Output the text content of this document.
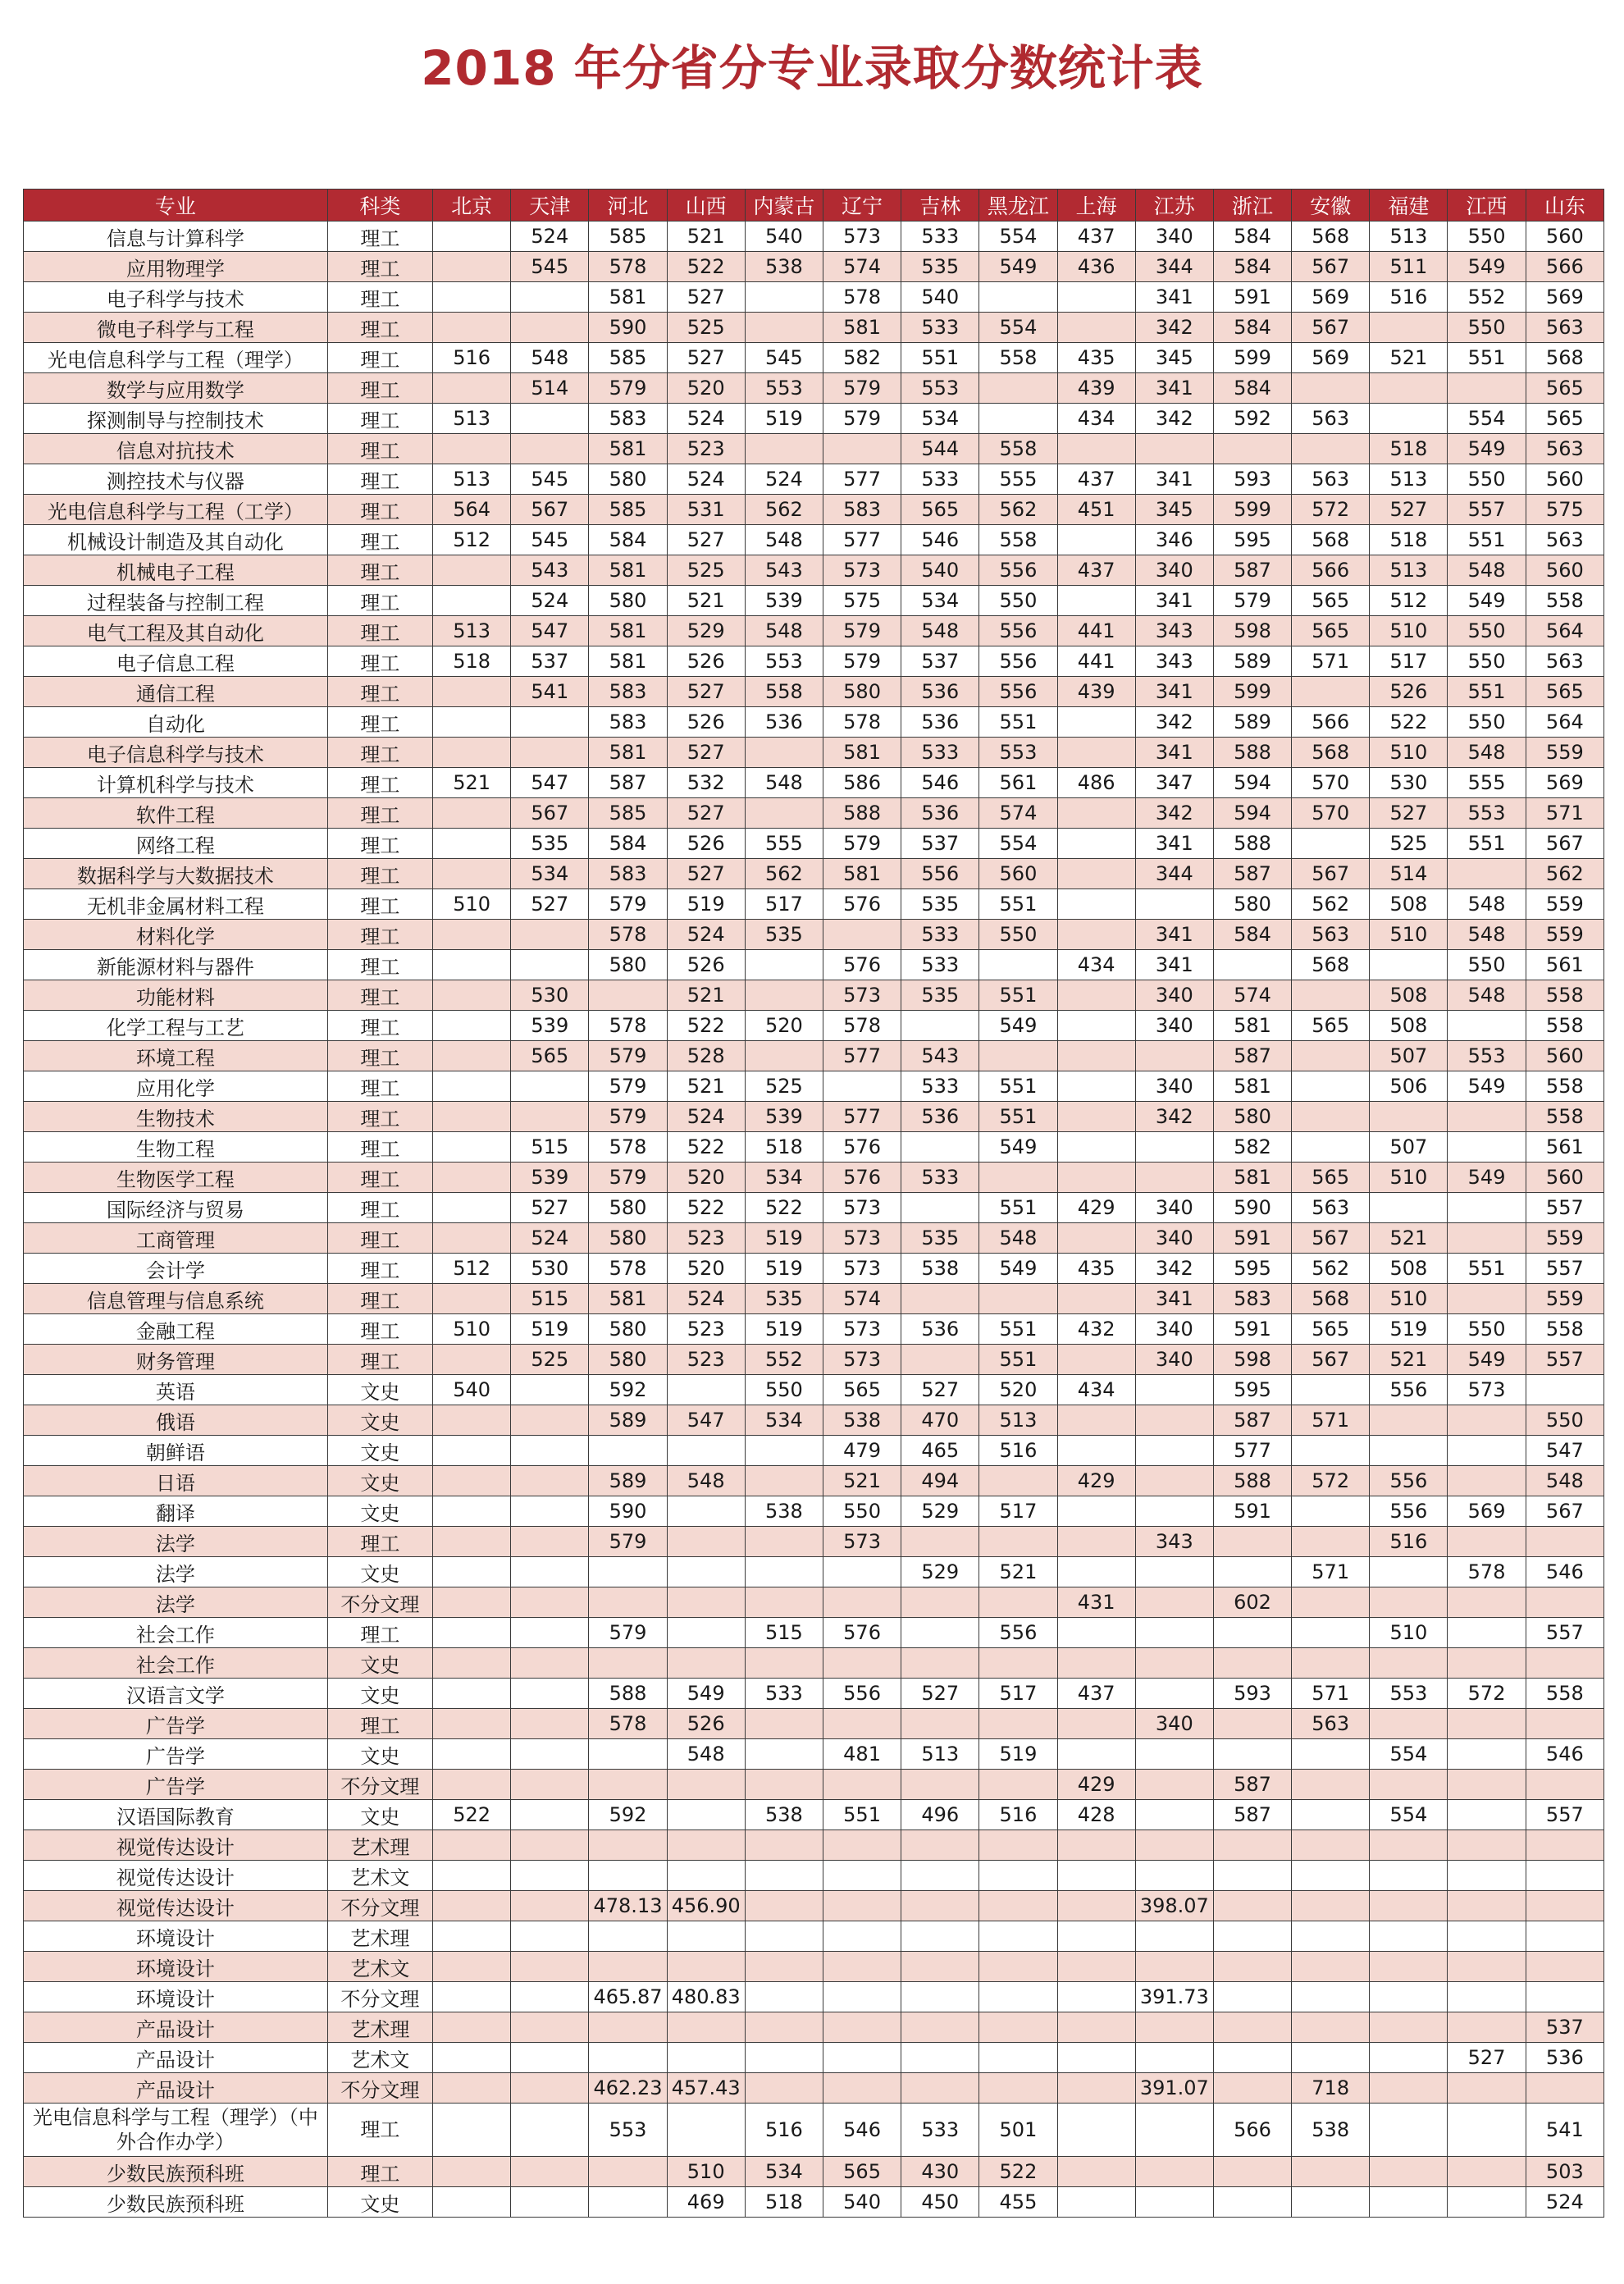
2018 年分省分专业录取分数统计表
专业	科类	北京	天津	河北	山西	内蒙古	辽宁	吉林	黑龙江	上海	江苏	浙江	安徽	福建	江西	山东
信息与计算科学	理工		524	585	521	540	573	533	554	437	340	584	568	513	550	560
应用物理学	理工		545	578	522	538	574	535	549	436	344	584	567	511	549	566
电子科学与技术	理工			581	527		578	540			341	591	569	516	552	569
微电子科学与工程	理工			590	525		581	533	554		342	584	567		550	563
光电信息科学与工程（理学）	理工	516	548	585	527	545	582	551	558	435	345	599	569	521	551	568
数学与应用数学	理工		514	579	520	553	579	553		439	341	584				565
探测制导与控制技术	理工	513		583	524	519	579	534		434	342	592	563		554	565
信息对抗技术	理工			581	523			544	558					518	549	563
测控技术与仪器	理工	513	545	580	524	524	577	533	555	437	341	593	563	513	550	560
光电信息科学与工程（工学）	理工	564	567	585	531	562	583	565	562	451	345	599	572	527	557	575
机械设计制造及其自动化	理工	512	545	584	527	548	577	546	558		346	595	568	518	551	563
机械电子工程	理工		543	581	525	543	573	540	556	437	340	587	566	513	548	560
过程装备与控制工程	理工		524	580	521	539	575	534	550		341	579	565	512	549	558
电气工程及其自动化	理工	513	547	581	529	548	579	548	556	441	343	598	565	510	550	564
电子信息工程	理工	518	537	581	526	553	579	537	556	441	343	589	571	517	550	563
通信工程	理工		541	583	527	558	580	536	556	439	341	599		526	551	565
自动化	理工			583	526	536	578	536	551		342	589	566	522	550	564
电子信息科学与技术	理工			581	527		581	533	553		341	588	568	510	548	559
计算机科学与技术	理工	521	547	587	532	548	586	546	561	486	347	594	570	530	555	569
软件工程	理工		567	585	527		588	536	574		342	594	570	527	553	571
网络工程	理工		535	584	526	555	579	537	554		341	588		525	551	567
数据科学与大数据技术	理工		534	583	527	562	581	556	560		344	587	567	514		562
无机非金属材料工程	理工	510	527	579	519	517	576	535	551			580	562	508	548	559
材料化学	理工			578	524	535		533	550		341	584	563	510	548	559
新能源材料与器件	理工			580	526		576	533		434	341		568		550	561
功能材料	理工		530		521		573	535	551		340	574		508	548	558
化学工程与工艺	理工		539	578	522	520	578		549		340	581	565	508		558
环境工程	理工		565	579	528		577	543				587		507	553	560
应用化学	理工			579	521	525		533	551		340	581		506	549	558
生物技术	理工			579	524	539	577	536	551		342	580				558
生物工程	理工		515	578	522	518	576		549			582		507		561
生物医学工程	理工		539	579	520	534	576	533				581	565	510	549	560
国际经济与贸易	理工		527	580	522	522	573		551	429	340	590	563			557
工商管理	理工		524	580	523	519	573	535	548		340	591	567	521		559
会计学	理工	512	530	578	520	519	573	538	549	435	342	595	562	508	551	557
信息管理与信息系统	理工		515	581	524	535	574				341	583	568	510		559
金融工程	理工	510	519	580	523	519	573	536	551	432	340	591	565	519	550	558
财务管理	理工		525	580	523	552	573		551		340	598	567	521	549	557
英语	文史	540		592		550	565	527	520	434		595		556	573	
俄语	文史			589	547	534	538	470	513			587	571			550
朝鲜语	文史						479	465	516			577				547
日语	文史			589	548		521	494		429		588	572	556		548
翻译	文史			590		538	550	529	517			591		556	569	567
法学	理工			579			573				343			516		
法学	文史							529	521				571		578	546
法学	不分文理									431		602				
社会工作	理工			579		515	576		556					510		557
社会工作	文史															
汉语言文学	文史			588	549	533	556	527	517	437		593	571	553	572	558
广告学	理工			578	526						340		563			
广告学	文史				548		481	513	519					554		546
广告学	不分文理									429		587				
汉语国际教育	文史	522		592		538	551	496	516	428		587		554		557
视觉传达设计	艺术理															
视觉传达设计	艺术文															
视觉传达设计	不分文理			478.13	456.90						398.07					
环境设计	艺术理															
环境设计	艺术文															
环境设计	不分文理			465.87	480.83						391.73					
产品设计	艺术理															537
产品设计	艺术文														527	536
产品设计	不分文理			462.23	457.43						391.07		718			
光电信息科学与工程（理学）（中外合作办学）	理工			553		516	546	533	501			566	538			541
少数民族预科班	理工				510	534	565	430	522							503
少数民族预科班	文史				469	518	540	450	455							524
